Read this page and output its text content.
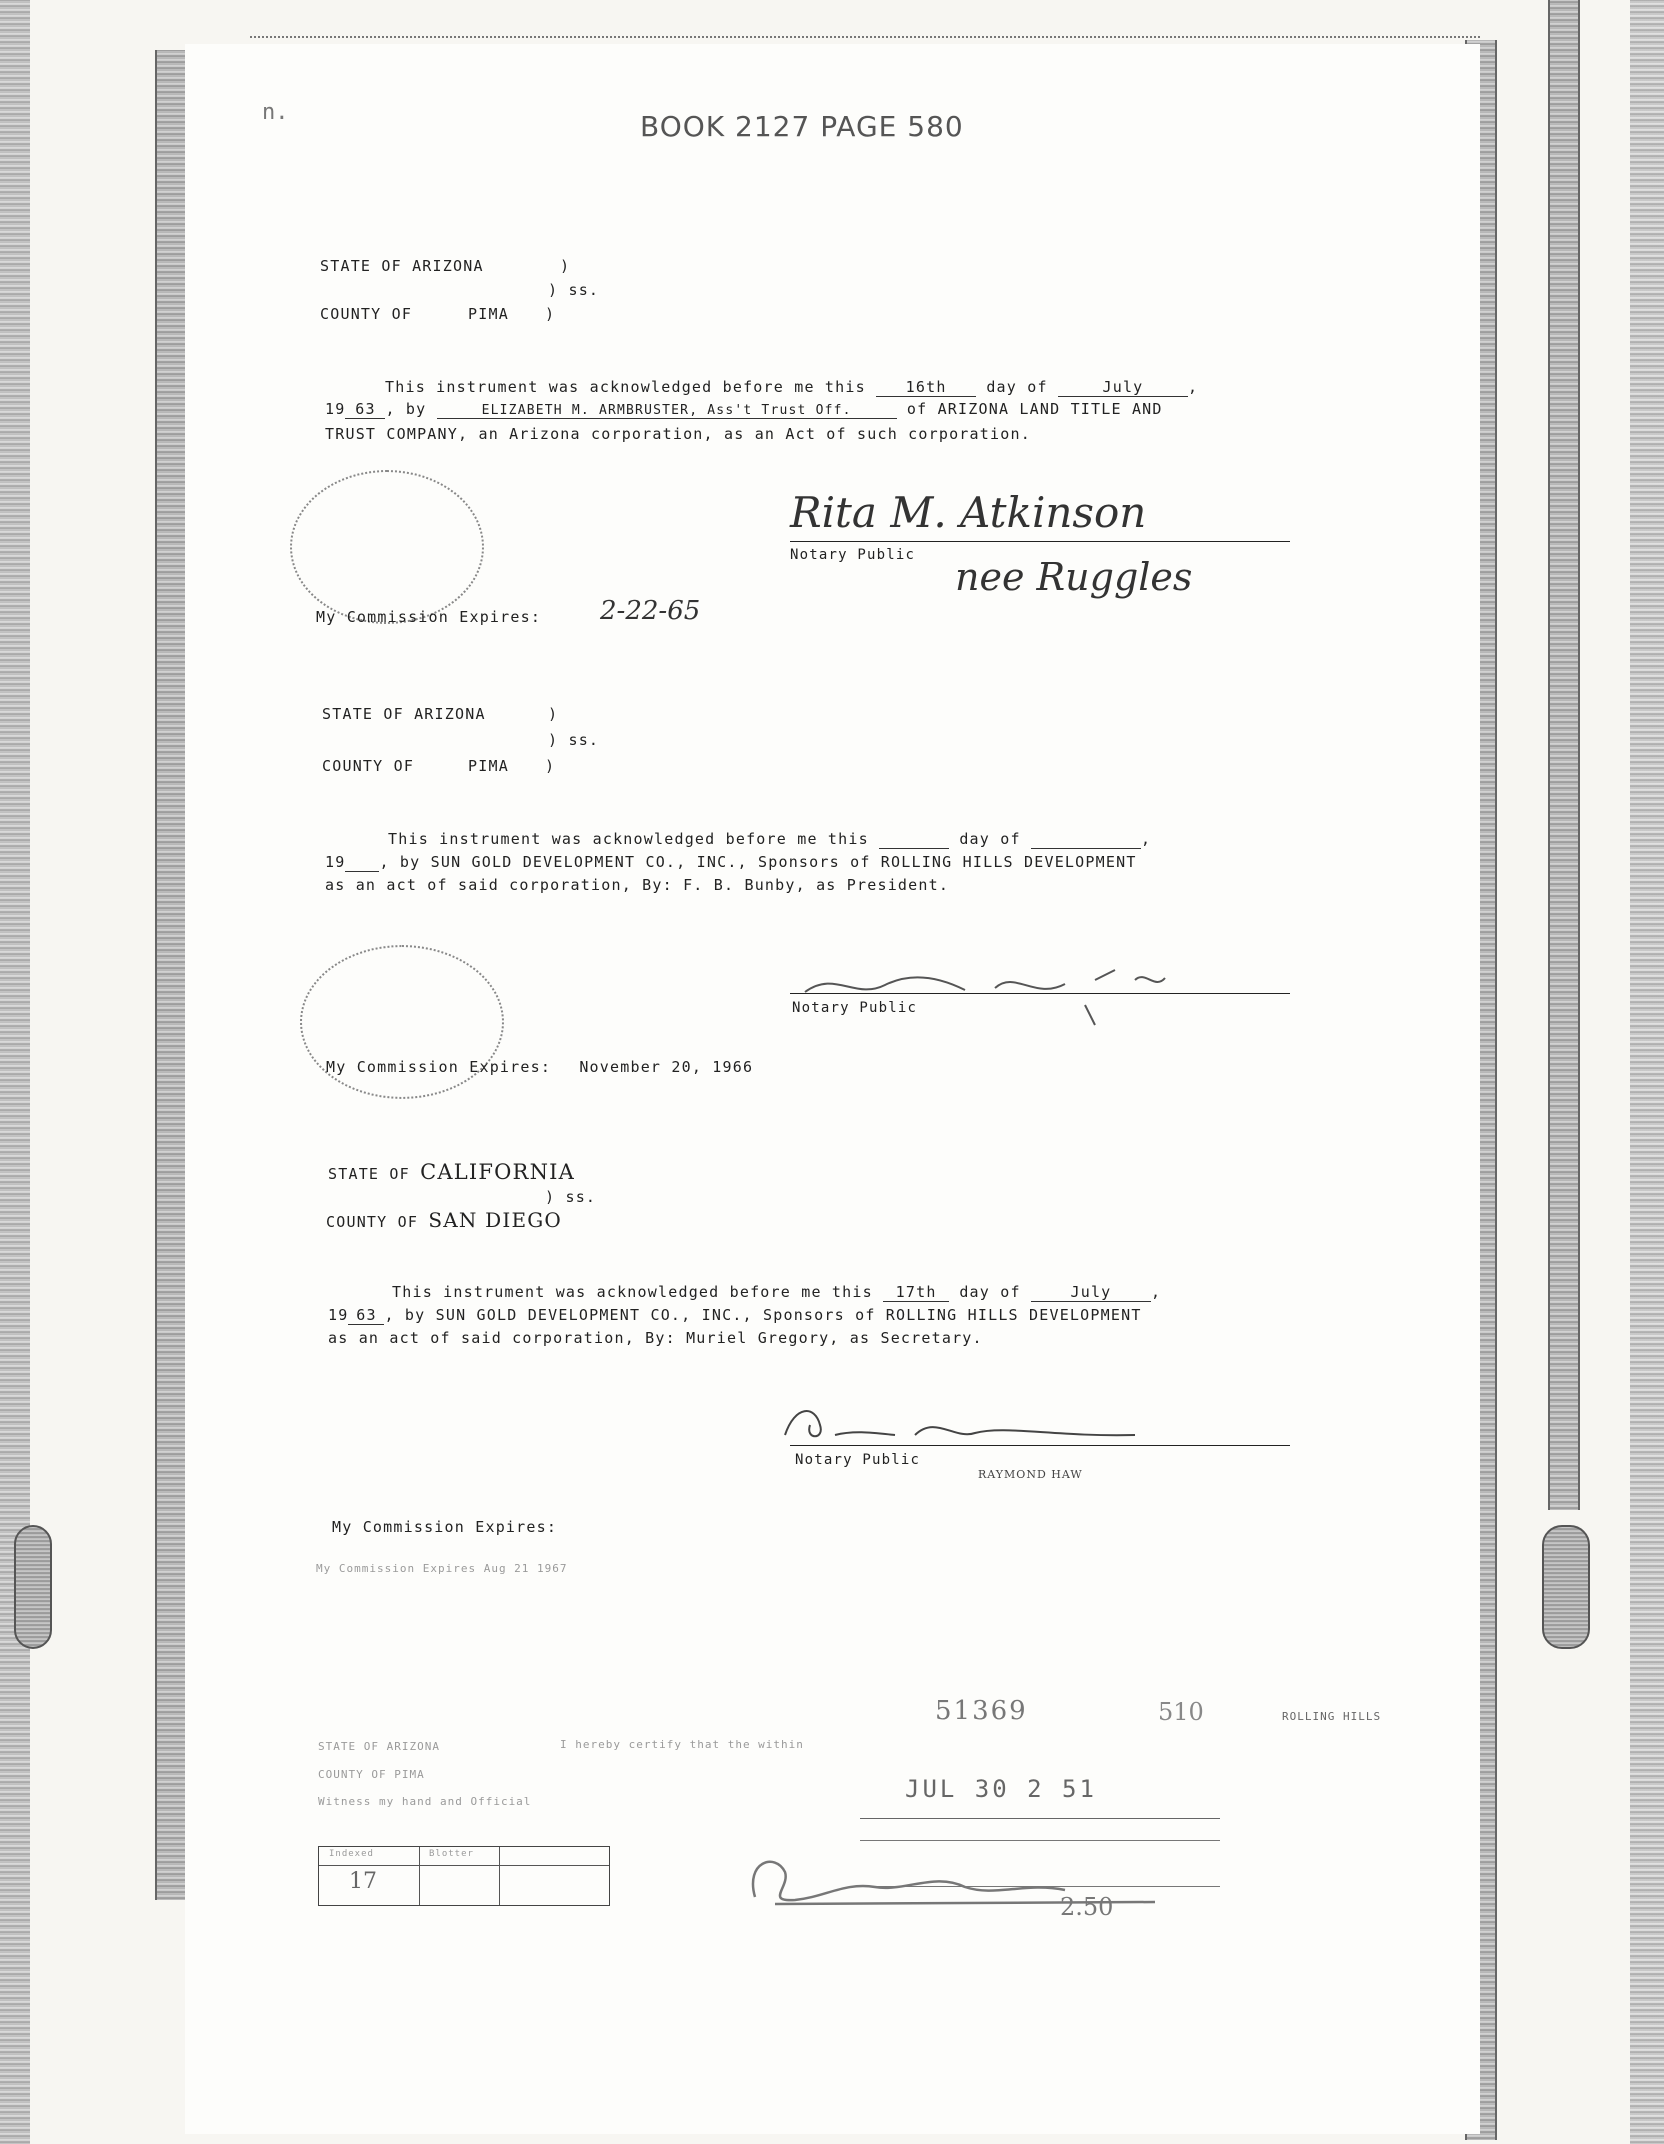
n.	BOOK 2127 PAGE 580
STATE OF ARIZONA	)
) ss.
COUNTY OF	PIMA )
This instrument was acknowledged before me this	16th	day of	July	,
19 63 , by	ELIZABETH M. ARMBRUSTER, Ass't Trust Off.	of ARIZONA LAND TITLE AND
TRUST COMPANY, an Arizona corporation, as an Act of such corporation.
Rita M. Atkinson
Notary Public nee Ruggles
My Commission Expires: 2-22-65
STATE OF ARIZONA	)
) ss.
COUNTY OF	PIMA )
This instrument was acknowledged before me this	day of	,
19 , by SUN GOLD DEVELOPMENT CO., INC., Sponsors of ROLLING HILLS DEVELOPMENT
as an act of said corporation, By: F. B. Bunby, as President.
Notary Public
My Commission Expires: November 20, 1966
STATE OF CALIFORNIA
) ss.
COUNTY OF SAN DIEGO
This instrument was acknowledged before me this 17th day of	July	,
19 63 , by SUN GOLD DEVELOPMENT CO., INC., Sponsors of ROLLING HILLS DEVELOPMENT
as an act of said corporation, By: Muriel Gregory, as Secretary.
Notary Public
RAYMOND HAW
My Commission Expires:
My Commission Expires Aug 21 1967
STATE OF ARIZONA
COUNTY OF PIMA
Witness my hand and Official
I hereby certify that the within
51369	510	ROLLING HILLS
JUL 30 2 51
Indexed	Blotter
17
2.50
